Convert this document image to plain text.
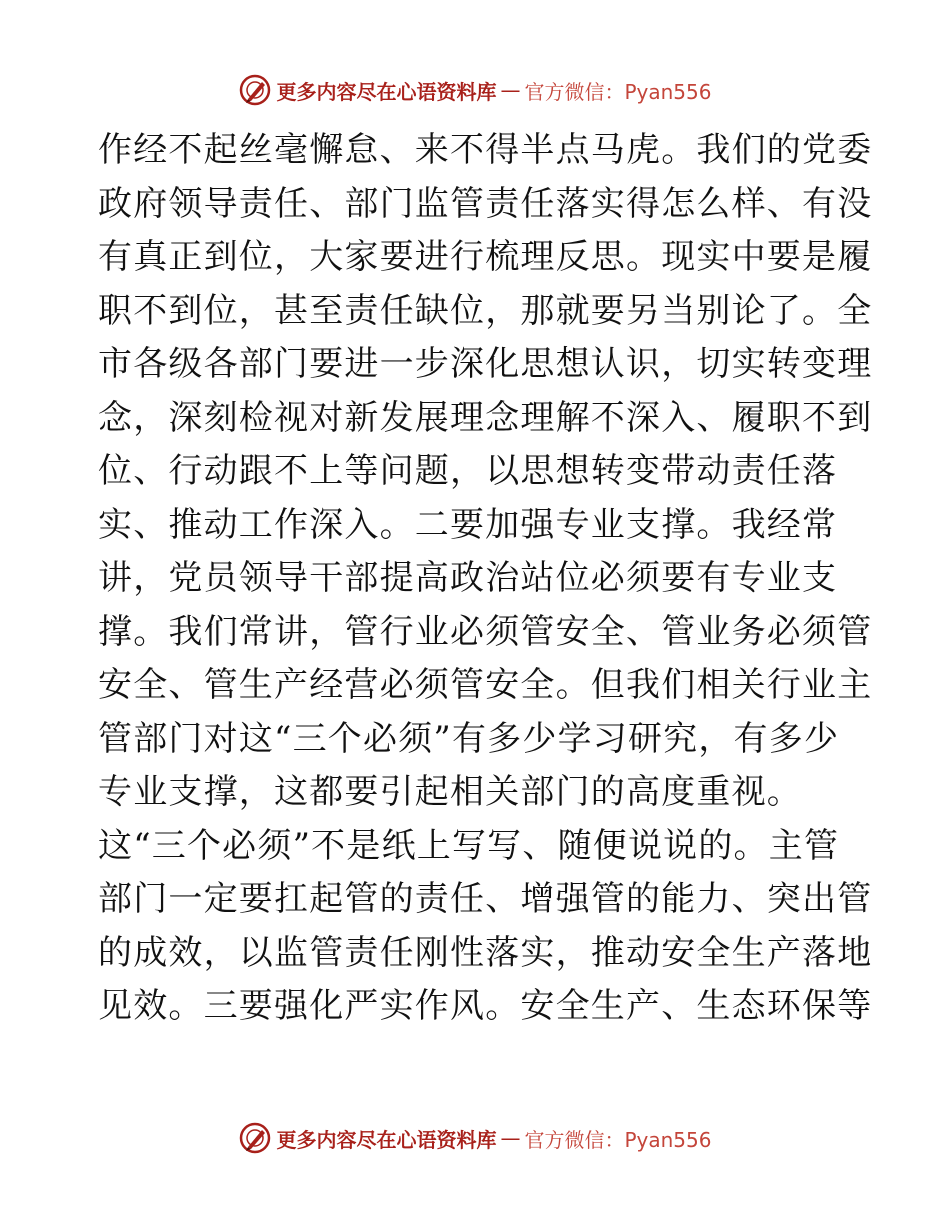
更多内容尽在心语资料库 — 官方微信：Pyan556
作经不起丝毫懈怠、来不得半点马虎。我们的党委
政府领导责任、部门监管责任落实得怎么样、有没
有真正到位，大家要进行梳理反思。现实中要是履
职不到位，甚至责任缺位，那就要另当别论了。全
市各级各部门要进一步深化思想认识，切实转变理
念，深刻检视对新发展理念理解不深入、履职不到
位、行动跟不上等问题，以思想转变带动责任落
实、推动工作深入。二要加强专业支撑。我经常
讲，党员领导干部提高政治站位必须要有专业支
撑。我们常讲，管行业必须管安全、管业务必须管
安全、管生产经营必须管安全。但我们相关行业主
管部门对这“三个必须”有多少学习研究，有多少
专业支撑，这都要引起相关部门的高度重视。
这“三个必须”不是纸上写写、随便说说的。主管
部门一定要扛起管的责任、增强管的能力、突出管
的成效，以监管责任刚性落实，推动安全生产落地
见效。三要强化严实作风。安全生产、生态环保等
更多内容尽在心语资料库 — 官方微信：Pyan556
